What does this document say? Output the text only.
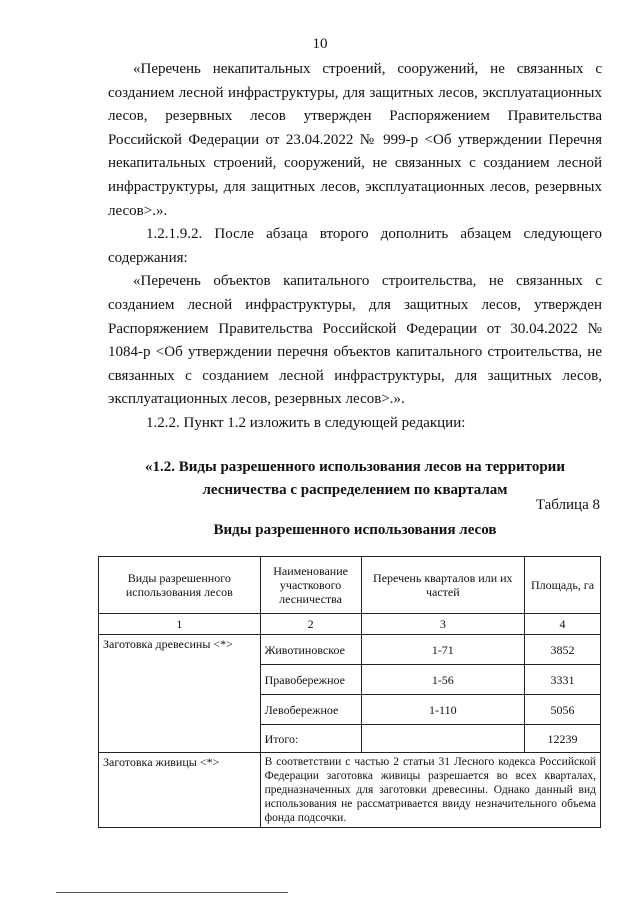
10

«Перечень некапитальных строений, сооружений, не связанных с созданием лесной инфраструктуры, для защитных лесов, эксплуатационных лесов, резервных лесов утвержден Распоряжением Правительства Российской Федерации от 23.04.2022 № 999-р <Об утверждении Перечня некапитальных строений, сооружений, не связанных с созданием лесной инфраструктуры, для защитных лесов, эксплуатационных лесов, резервных лесов>.».

1.2.1.9.2. После абзаца второго дополнить абзацем следующего содержания:

«Перечень объектов капитального строительства, не связанных с созданием лесной инфраструктуры, для защитных лесов, утвержден Распоряжением Правительства Российской Федерации от 30.04.2022 № 1084-р <Об утверждении перечня объектов капитального строительства, не связанных с созданием лесной инфраструктуры, для защитных лесов, эксплуатационных лесов, резервных лесов>.».

1.2.2. Пункт 1.2 изложить в следующей редакции:

«1.2. Виды разрешенного использования лесов на территории лесничества с распределением по кварталам
Таблица 8
Виды разрешенного использования лесов
Виды разрешенного использования лесов	Наименование участкового лесничества	Перечень кварталов или их частей	Площадь, га
1	2	3	4
Заготовка древесины <*>	Животиновское	1-71	3852
	Правобережное	1-56	3331
	Левобережное	1-110	5056
	Итого:		12239
Заготовка живицы <*>	В соответствии с частью 2 статьи 31 Лесного кодекса Российской Федерации заготовка живицы разрешается во всех кварталах, предназначенных для заготовки древесины. Однако данный вид использования не рассматривается ввиду незначительного объема фонда подсочки.		
